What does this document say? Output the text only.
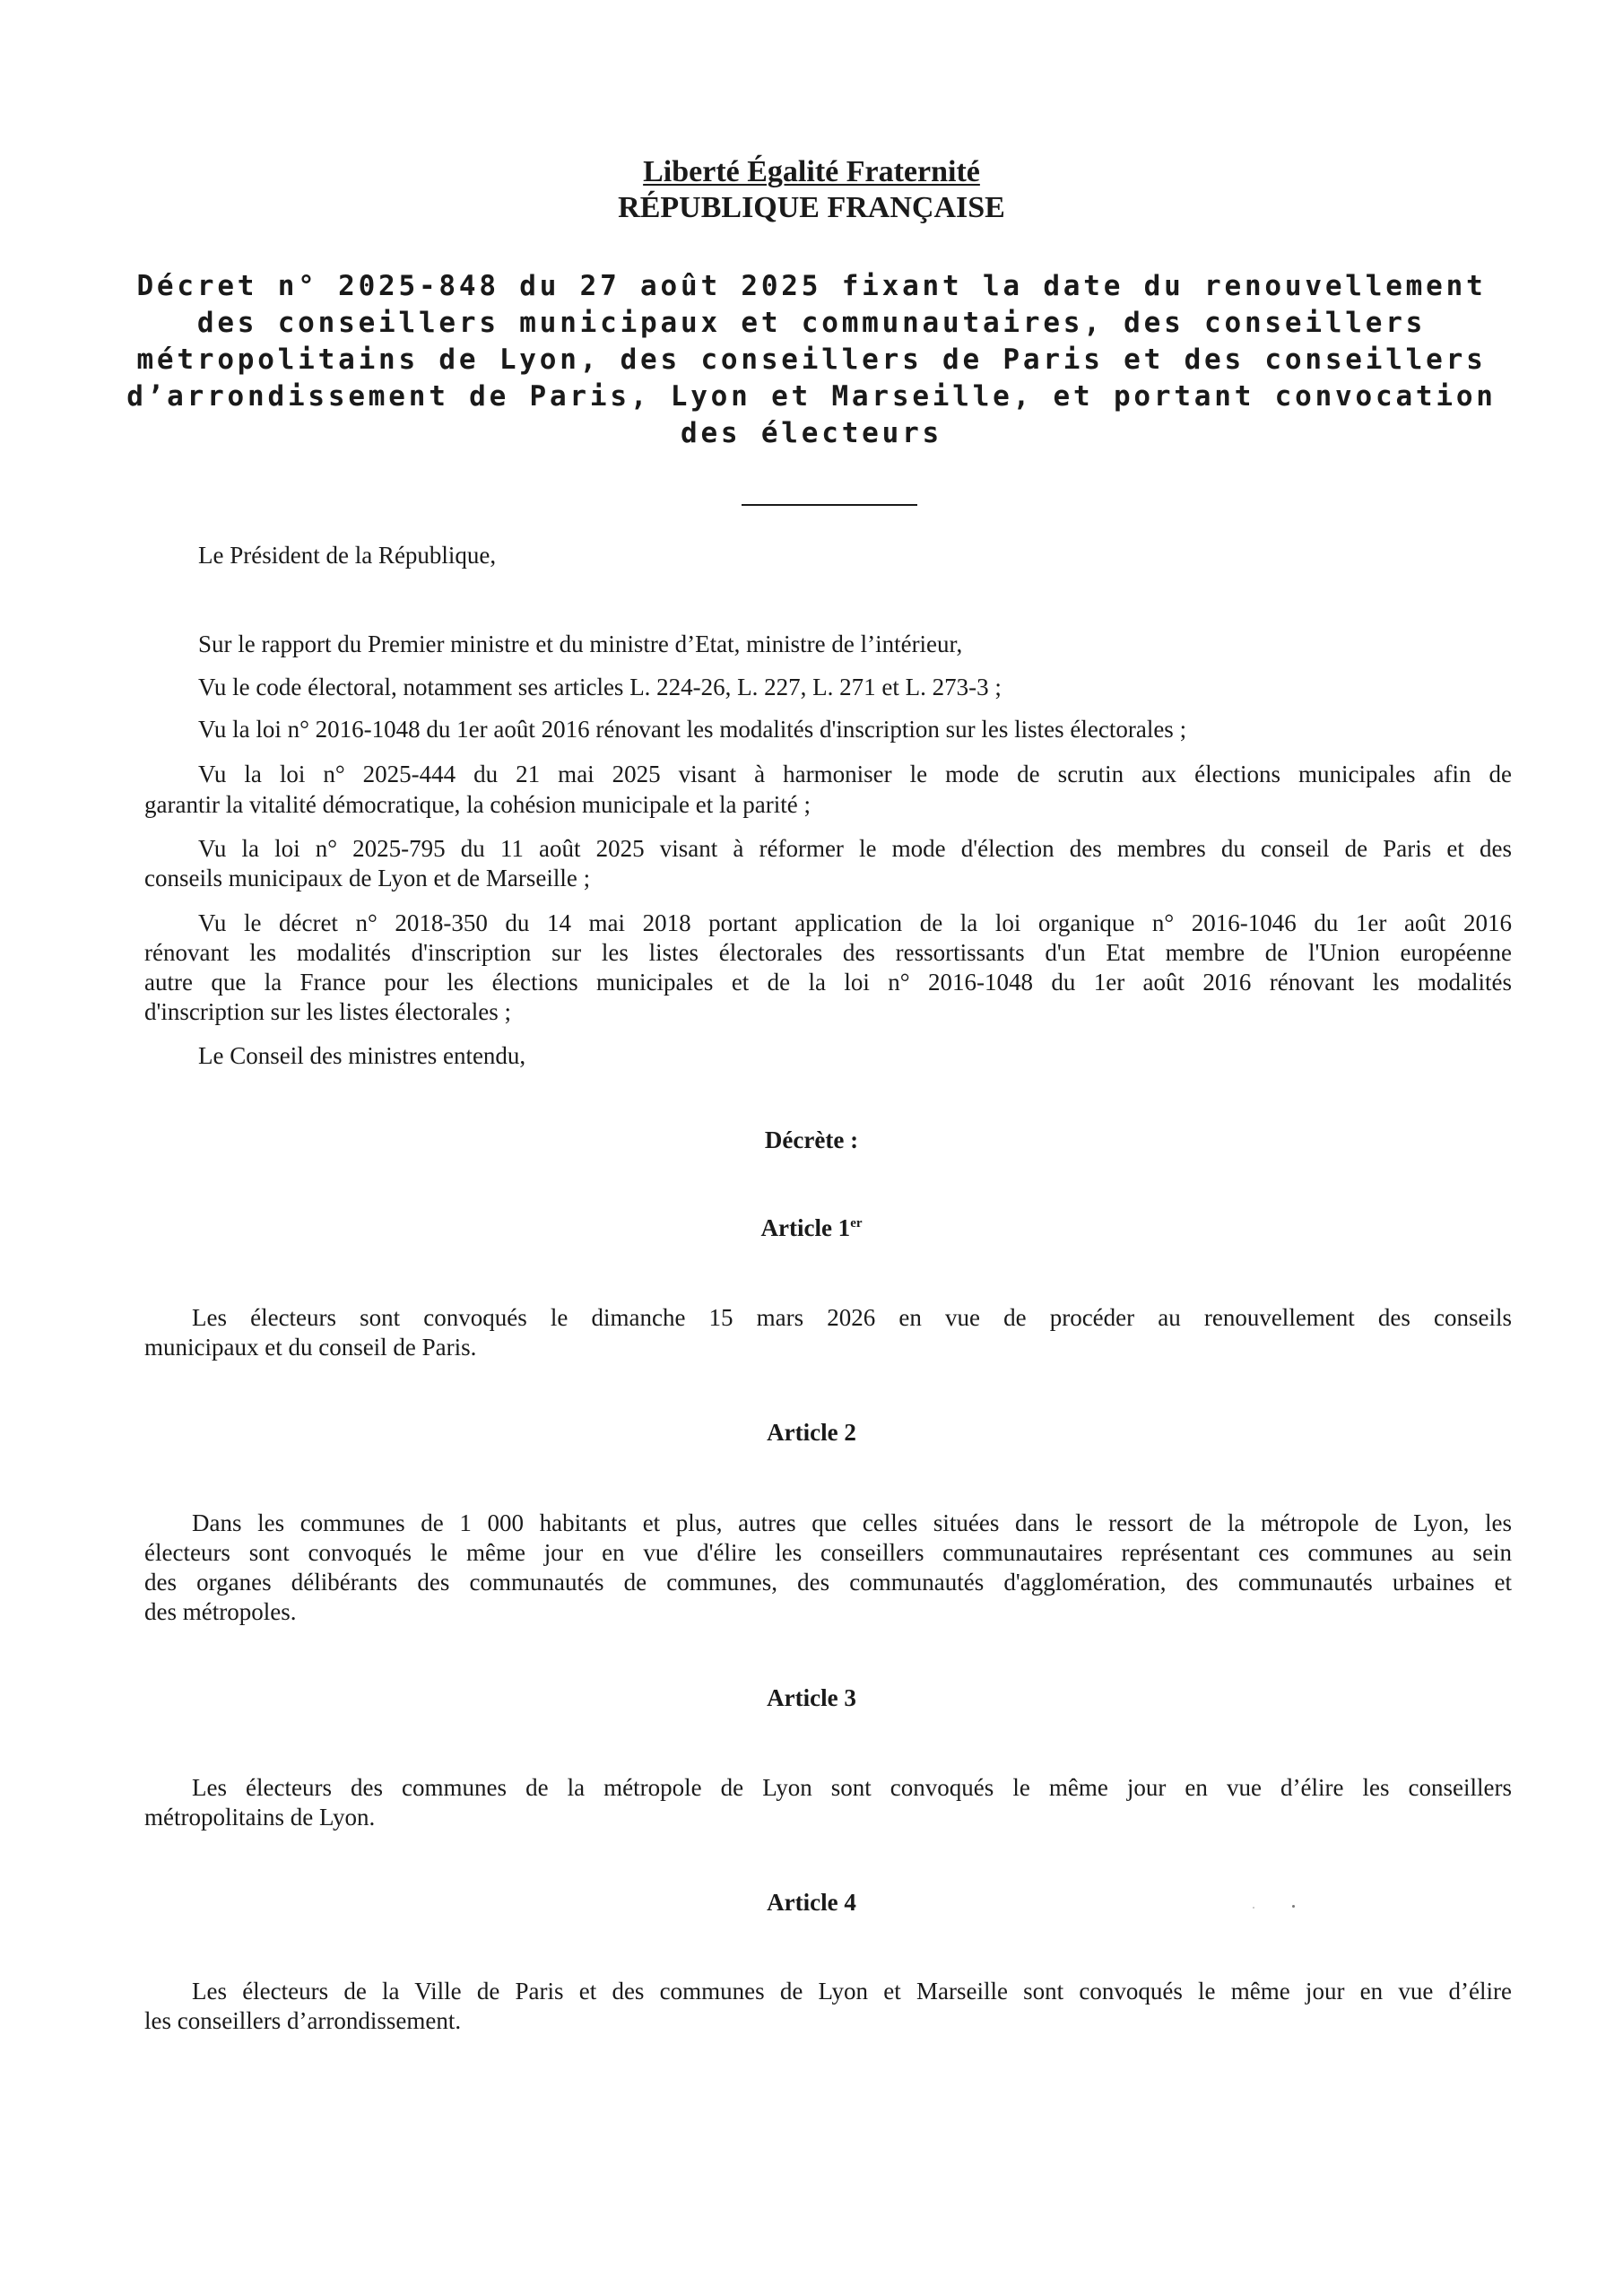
Liberté Égalité Fraternité

RÉPUBLIQUE FRANÇAISE

Décret n° 2025-848 du 27 août 2025 fixant la date du renouvellement

des conseillers municipaux et communautaires, des conseillers

métropolitains de Lyon, des conseillers de Paris et des conseillers

d’arrondissement de Paris, Lyon et Marseille, et portant convocation

des électeurs

Le Président de la République,

Sur le rapport du Premier ministre et du ministre d’Etat, ministre de l’intérieur,

Vu le code électoral, notamment ses articles L. 224-26, L. 227, L. 271 et L. 273-3 ;

Vu la loi n° 2016-1048 du 1er août 2016 rénovant les modalités d'inscription sur les listes électorales ;

Vu la loi n° 2025-444 du 21 mai 2025 visant à harmoniser le mode de scrutin aux élections municipales afin de

garantir la vitalité démocratique, la cohésion municipale et la parité ;

Vu la loi n° 2025-795 du 11 août 2025 visant à réformer le mode d'élection des membres du conseil de Paris et des

conseils municipaux de Lyon et de Marseille ;

Vu le décret n° 2018-350 du 14 mai 2018 portant application de la loi organique n° 2016-1046 du 1er août 2016

rénovant les modalités d'inscription sur les listes électorales des ressortissants d'un Etat membre de l'Union européenne

autre que la France pour les élections municipales et de la loi n° 2016-1048 du 1er août 2016 rénovant les modalités

d'inscription sur les listes électorales ;

Le Conseil des ministres entendu,

Décrète :

Article 1er

Les électeurs sont convoqués le dimanche 15 mars 2026 en vue de procéder au renouvellement des conseils

municipaux et du conseil de Paris.

Article 2

Dans les communes de 1 000 habitants et plus, autres que celles situées dans le ressort de la métropole de Lyon, les

électeurs sont convoqués le même jour en vue d'élire les conseillers communautaires représentant ces communes au sein

des organes délibérants des communautés de communes, des communautés d'agglomération, des communautés urbaines et

des métropoles.

Article 3

Les électeurs des communes de la métropole de Lyon sont convoqués le même jour en vue d’élire les conseillers

métropolitains de Lyon.

Article 4

Les électeurs de la Ville de Paris et des communes de Lyon et Marseille sont convoqués le même jour en vue d’élire

les conseillers d’arrondissement.
